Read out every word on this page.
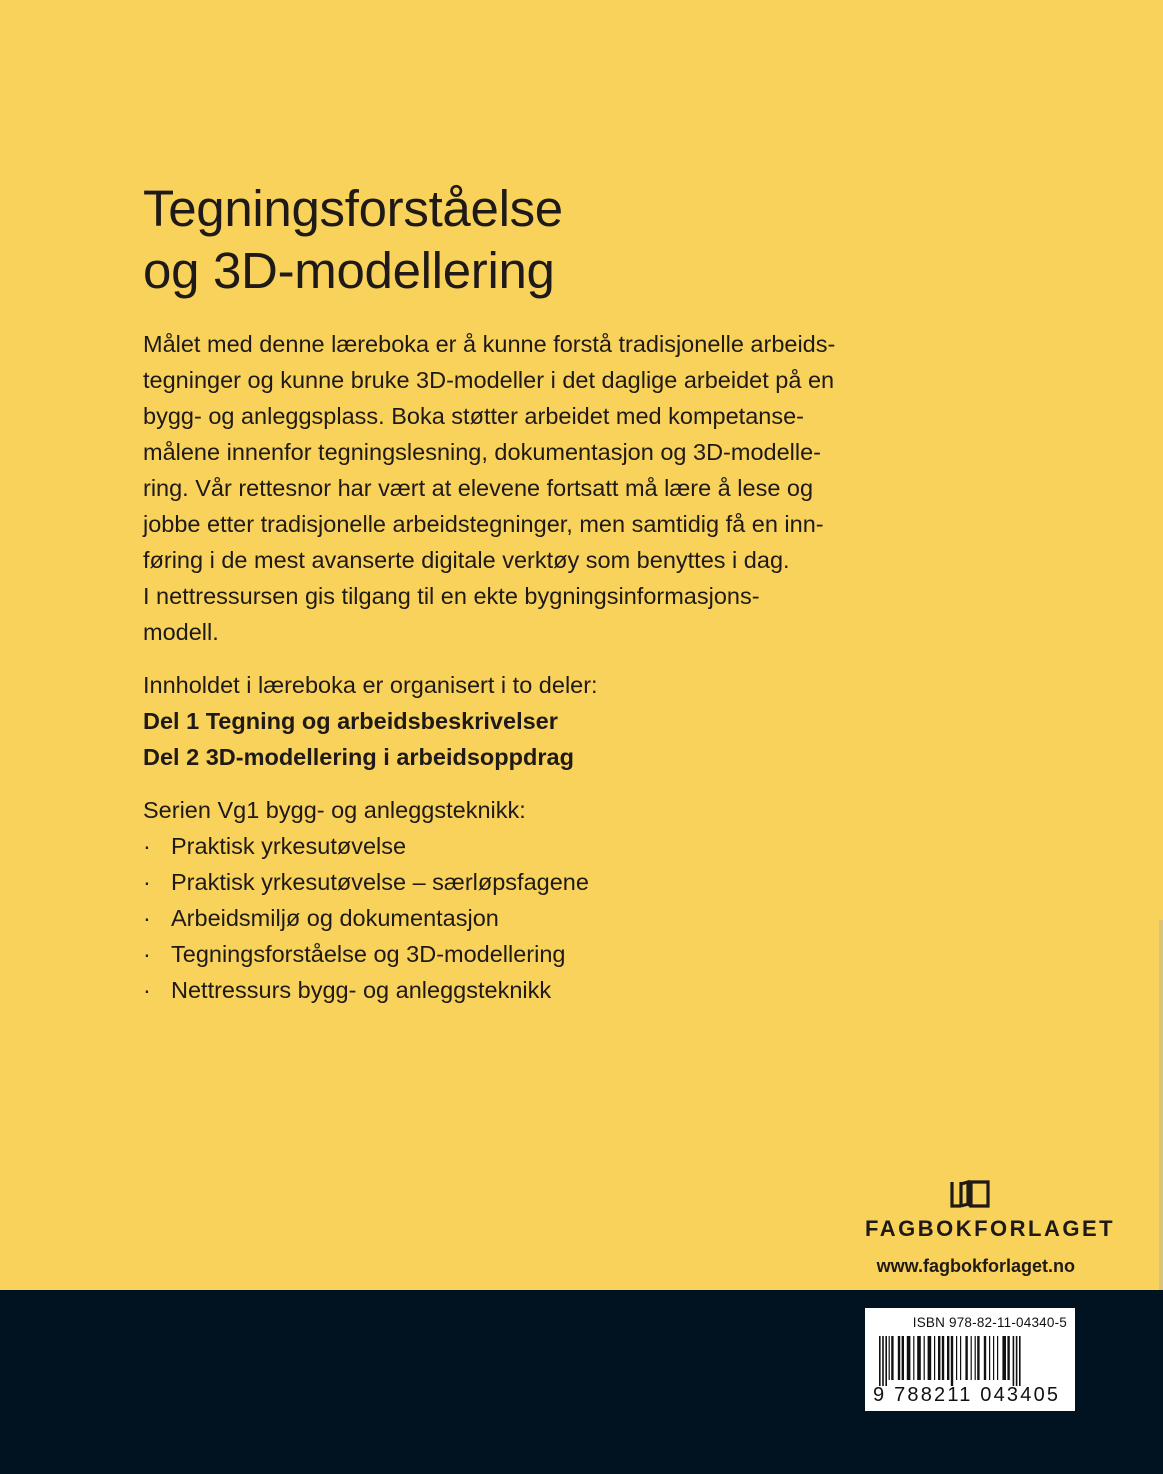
Tegningsforståelse
og 3D-modellering

Målet med denne læreboka er å kunne forstå tradisjonelle arbeids-

tegninger og kunne bruke 3D-modeller i det daglige arbeidet på en

bygg- og anleggsplass. Boka støtter arbeidet med kompetanse-

målene innenfor tegningslesning, dokumentasjon og 3D-modelle-

ring. Vår rettesnor har vært at elevene fortsatt må lære å lese og

jobbe etter tradisjonelle arbeidstegninger, men samtidig få en inn-

føring i de mest avanserte digitale verktøy som benyttes i dag.

I nettressursen gis tilgang til en ekte bygningsinformasjons-

modell.

Innholdet i læreboka er organisert i to deler:

Del 1 Tegning og arbeidsbeskrivelser

Del 2 3D-modellering i arbeidsoppdrag

Serien Vg1 bygg- og anleggsteknikk:

· Praktisk yrkesutøvelse
· Praktisk yrkesutøvelse – særløpsfagene
· Arbeidsmiljø og dokumentasjon
· Tegningsforståelse og 3D-modellering
· Nettressurs bygg- og anleggsteknikk
FAGBOKFORLAGET
www.fagbokforlaget.no
ISBN 978-82-11-04340-5
9 788211 043405
